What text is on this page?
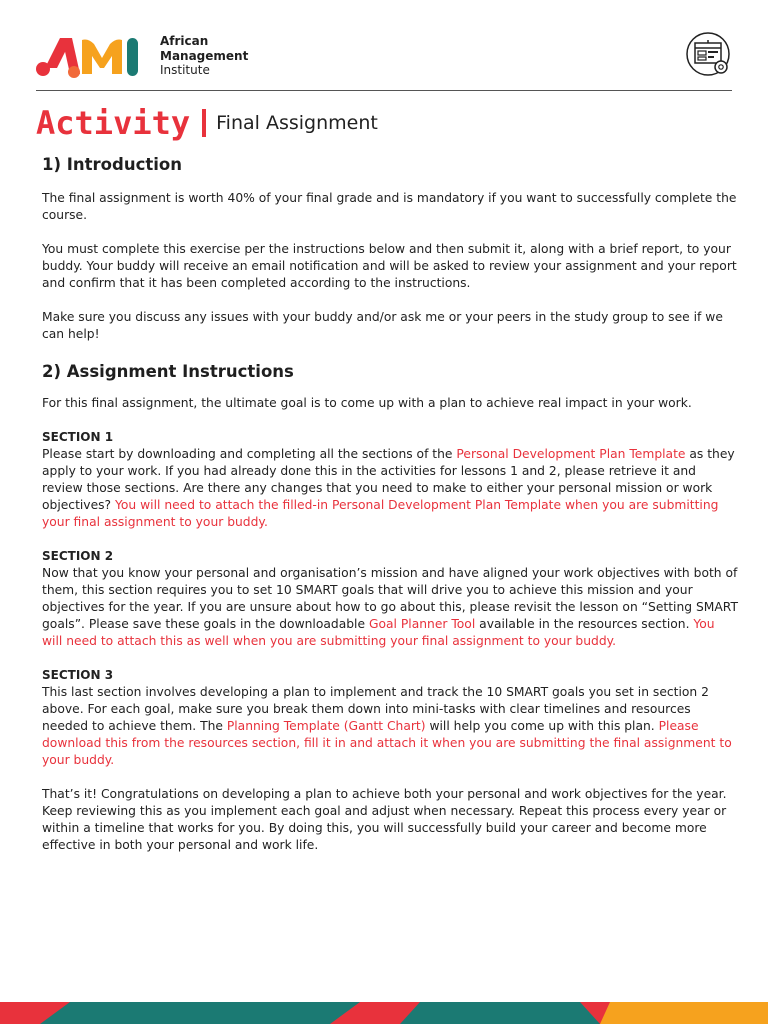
African
Management
Institute
Activity Final Assignment
1) Introduction

The final assignment is worth 40% of your final grade and is mandatory if you want to successfully complete the course.

You must complete this exercise per the instructions below and then submit it, along with a brief report, to your buddy. Your buddy will receive an email notification and will be asked to review your assignment and your report and confirm that it has been completed according to the instructions.

Make sure you discuss any issues with your buddy and/or ask me or your peers in the study group to see if we can help!

2) Assignment Instructions

For this final assignment, the ultimate goal is to come up with a plan to achieve real impact in your work.

SECTION 1

Please start by downloading and completing all the sections of the Personal Development Plan Template as they apply to your work. If you had already done this in the activities for lessons 1 and 2, please retrieve it and review those sections. Are there any changes that you need to make to either your personal mission or work objectives? You will need to attach the filled-in Personal Development Plan Template when you are submitting your final assignment to your buddy.

SECTION 2

Now that you know your personal and organisation’s mission and have aligned your work objectives with both of them, this section requires you to set 10 SMART goals that will drive you to achieve this mission and your objectives for the year. If you are unsure about how to go about this, please revisit the lesson on “Setting SMART goals”. Please save these goals in the downloadable Goal Planner Tool available in the resources section. You will need to attach this as well when you are submitting your final assignment to your buddy.

SECTION 3

This last section involves developing a plan to implement and track the 10 SMART goals you set in section 2 above. For each goal, make sure you break them down into mini-tasks with clear timelines and resources needed to achieve them. The Planning Template (Gantt Chart) will help you come up with this plan. Please download this from the resources section, fill it in and attach it when you are submitting the final assignment to your buddy.

That’s it! Congratulations on developing a plan to achieve both your personal and work objectives for the year. Keep reviewing this as you implement each goal and adjust when necessary. Repeat this process every year or within a timeline that works for you. By doing this, you will successfully build your career and become more effective in both your personal and work life.
